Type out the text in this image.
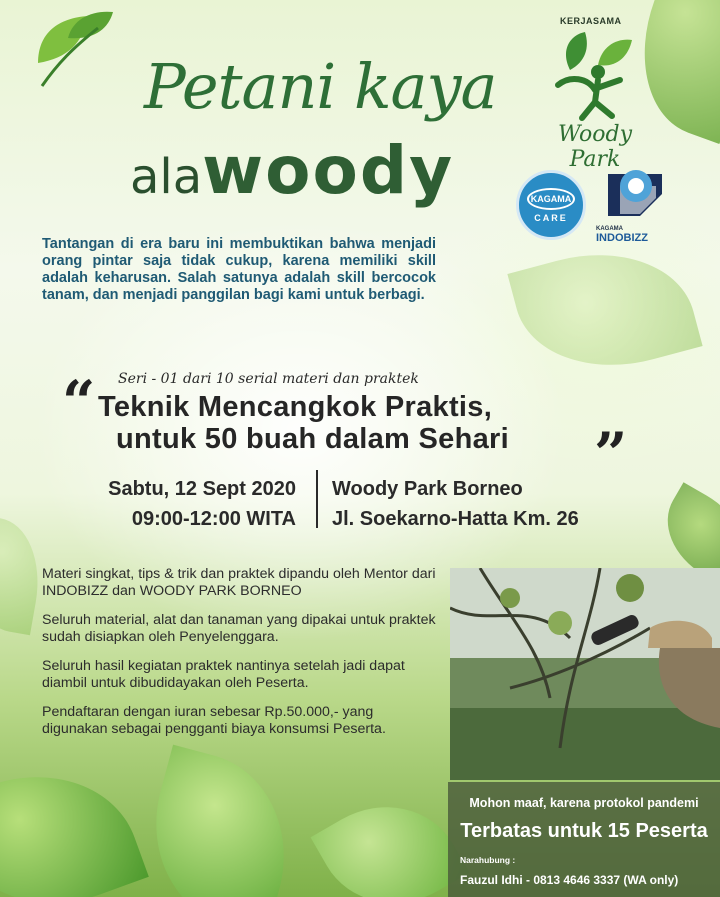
Petani kaya
alawoody
KERJASAMA
Woody Park
KAGAMA
CARE
KAGAMA
INDOBIZZ
Tantangan di era baru ini membuktikan bahwa menjadi orang pintar saja tidak cukup, karena memiliki skill adalah keharusan. Salah satunya adalah skill bercocok tanam, dan menjadi panggilan bagi kami untuk berbagi.
“ Seri - 01 dari 10 serial materi dan praktek
Teknik Mencangkok Praktis,
untuk 50 buah dalam Sehari ”
Sabtu, 12 Sept 2020
09:00-12:00 WITA
Woody Park Borneo
Jl. Soekarno-Hatta Km. 26

Materi singkat, tips & trik dan praktek dipandu oleh Mentor dari INDOBIZZ dan WOODY PARK BORNEO

Seluruh material, alat dan tanaman yang dipakai untuk praktek sudah disiapkan oleh Penyelenggara.

Seluruh hasil kegiatan praktek nantinya setelah jadi dapat diambil untuk dibudidayakan oleh Peserta.

Pendaftaran dengan iuran sebesar Rp.50.000,- yang digunakan sebagai pengganti biaya konsumsi Peserta.

Mohon maaf, karena protokol pandemi
Terbatas untuk 15 Peserta
Narahubung :
Fauzul Idhi - 0813 4646 3337 (WA only)
